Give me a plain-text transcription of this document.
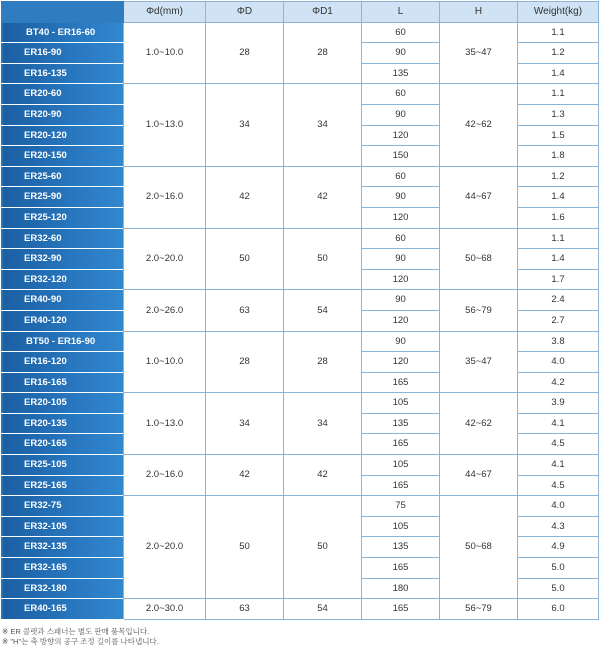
	Φd(mm)	ΦD	ΦD1	L	H	Weight(kg)
BT40 - ER16-60	1.0~10.0	28	28	60	35~47	1.1
ER16-90				90		1.2
ER16-135				135		1.4
ER20-60	1.0~13.0	34	34	60	42~62	1.1
ER20-90				90		1.3
ER20-120				120		1.5
ER20-150				150		1.8
ER25-60	2.0~16.0	42	42	60	44~67	1.2
ER25-90				90		1.4
ER25-120				120		1.6
ER32-60	2.0~20.0	50	50	60	50~68	1.1
ER32-90				90		1.4
ER32-120				120		1.7
ER40-90	2.0~26.0	63	54	90	56~79	2.4
ER40-120				120		2.7
BT50 - ER16-90	1.0~10.0	28	28	90	35~47	3.8
ER16-120				120		4.0
ER16-165				165		4.2
ER20-105	1.0~13.0	34	34	105	42~62	3.9
ER20-135				135		4.1
ER20-165				165		4.5
ER25-105	2.0~16.0	42	42	105	44~67	4.1
ER25-165				165		4.5
ER32-75	2.0~20.0	50	50	75	50~68	4.0
ER32-105				105		4.3
ER32-135				135		4.9
ER32-165				165		5.0
ER32-180				180		5.0
ER40-165	2.0~30.0	63	54	165	56~79	6.0
※ ER 콜렛과 스패너는 별도 판매 품목입니다.
※ "H"는 축 방향의 공구 조정 길이를 나타냅니다.
